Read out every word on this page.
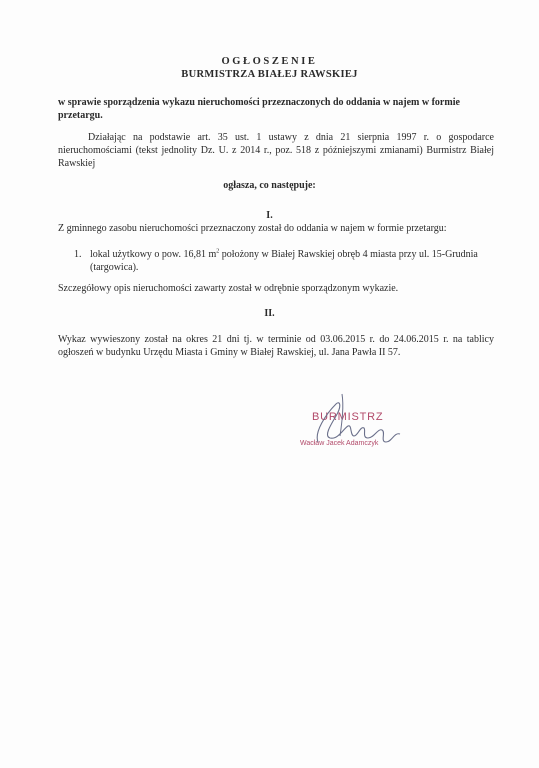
OGŁOSZENIE
BURMISTRZA BIAŁEJ RAWSKIEJ
w sprawie sporządzenia wykazu nieruchomości przeznaczonych do oddania w najem w formie przetargu.
Działając na podstawie art. 35 ust. 1 ustawy z dnia 21 sierpnia 1997 r. o gospodarce nieruchomościami (tekst jednolity Dz. U. z 2014 r., poz. 518 z późniejszymi zmianami) Burmistrz Białej Rawskiej
ogłasza, co następuje:
I.
Z gminnego zasobu nieruchomości przeznaczony został do oddania w najem w formie przetargu:
1. lokal użytkowy o pow. 16,81 $m^2$ położony w Białej Rawskiej obręb 4 miasta przy ul. 15-Grudnia (targowica).
Szczegółowy opis nieruchomości zawarty został w odrębnie sporządzonym wykazie.
II.
Wykaz wywieszony został na okres 21 dni tj. w terminie od 03.06.2015 r. do 24.06.2015 r. na tablicy ogłoszeń w budynku Urzędu Miasta i Gminy w Białej Rawskiej, ul. Jana Pawła II 57.
BURMISTRZ
Wacław Jacek Adamczyk
